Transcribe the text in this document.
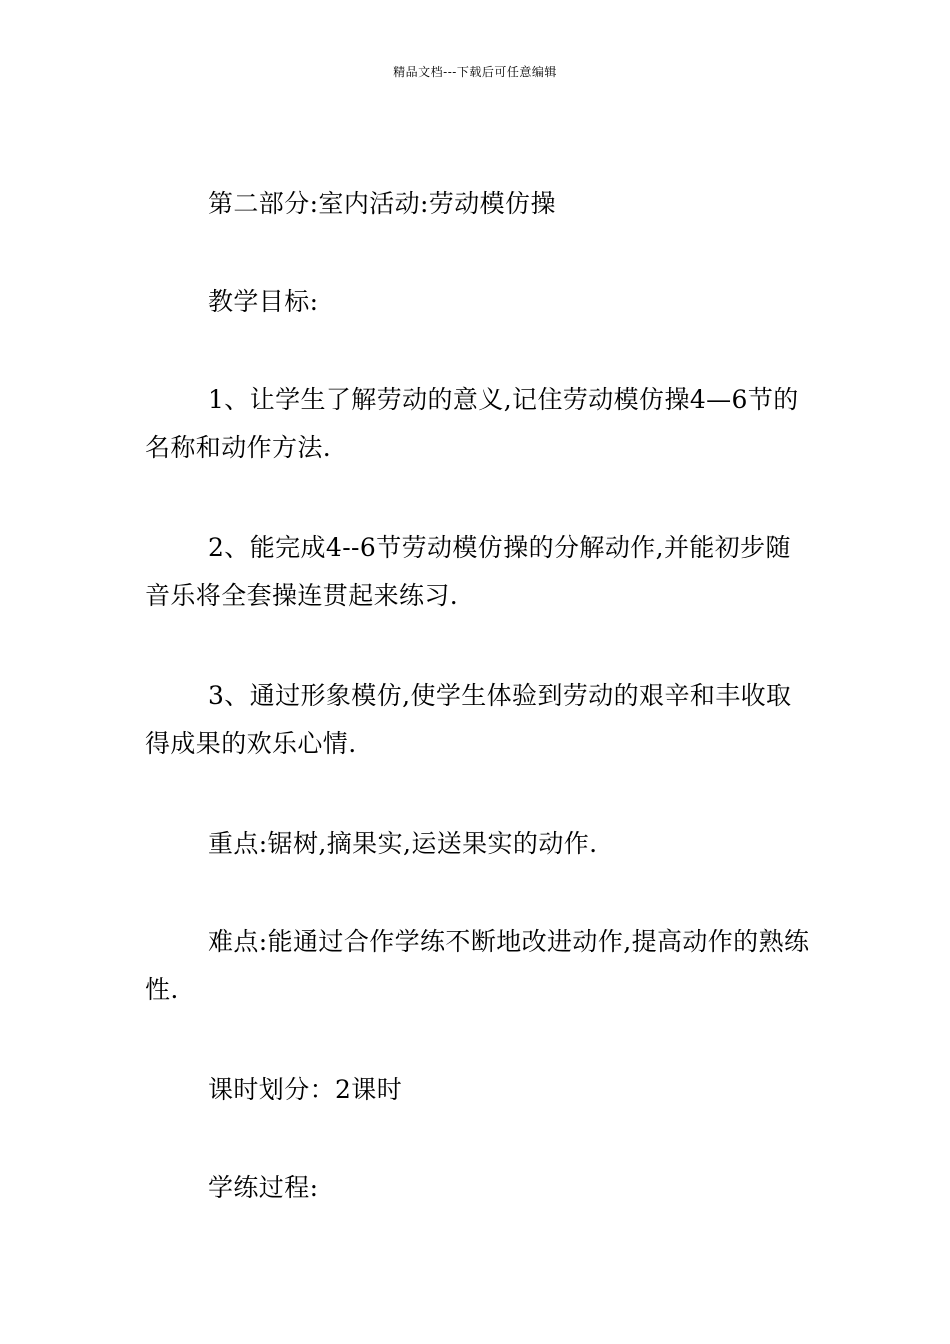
精品文档---下载后可任意编辑

第二部分:室内活动:劳动模仿操

教学目标:

1、让学生了解劳动的意义,记住劳动模仿操4—6节的名称和动作方法.

2、能完成4--6节劳动模仿操的分解动作,并能初步随音乐将全套操连贯起来练习.

3、通过形象模仿,使学生体验到劳动的艰辛和丰收取得成果的欢乐心情.

重点:锯树,摘果实,运送果实的动作.

难点:能通过合作学练不断地改进动作,提高动作的熟练性.

课时划分：2课时

学练过程:
